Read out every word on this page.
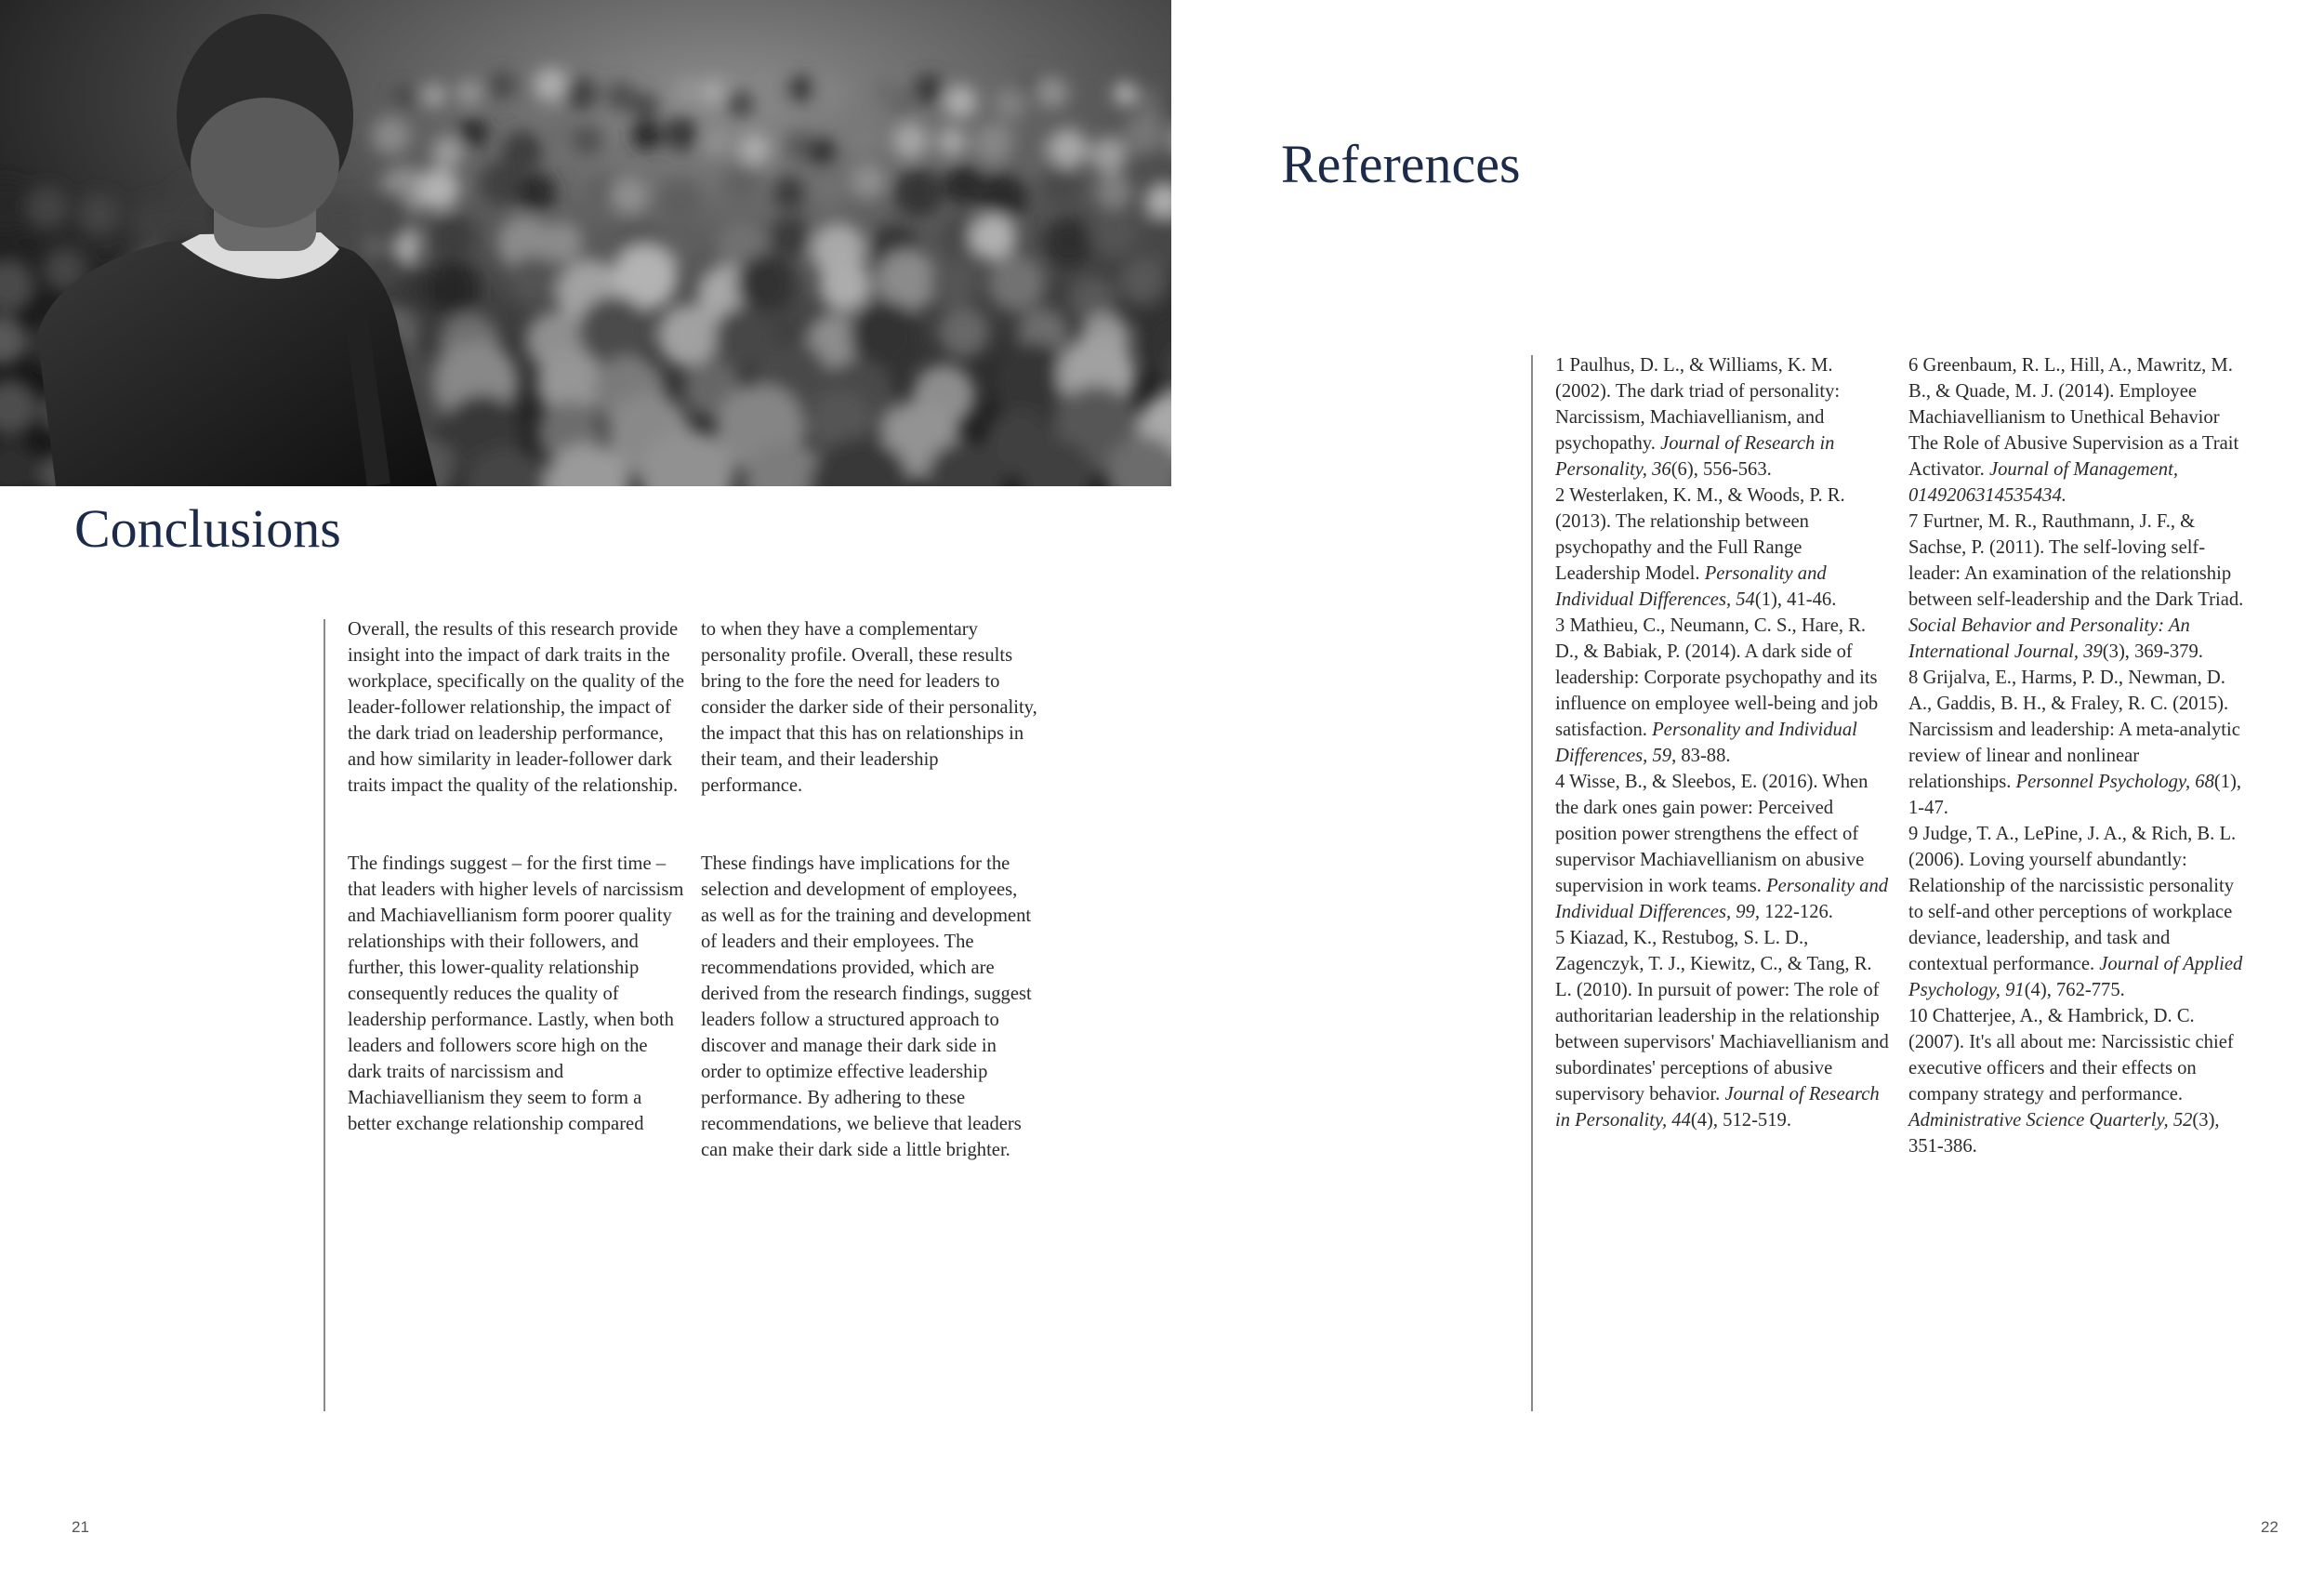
Conclusions
References

Overall, the results of this research provide insight into the impact of dark traits in the workplace, specifically on the quality of the leader-follower relationship, the impact of the dark triad on leadership performance, and how similarity in leader-follower dark traits impact the quality of the relationship.

The findings suggest – for the first time – that leaders with higher levels of narcissism and Machiavellianism form poorer quality relationships with their followers, and further, this lower-quality relationship consequently reduces the quality of leadership performance. Lastly, when both leaders and followers score high on the dark traits of narcissism and Machiavellianism they seem to form a better exchange relationship compared

to when they have a complementary personality profile. Overall, these results bring to the fore the need for leaders to consider the darker side of their personality, the impact that this has on relationships in their team, and their leadership performance.

These findings have implications for the selection and development of employees, as well as for the training and development of leaders and their employees. The recommendations provided, which are derived from the research findings, suggest leaders follow a structured approach to discover and manage their dark side in order to optimize effective leadership performance. By adhering to these recommendations, we believe that leaders can make their dark side a little brighter.

1 Paulhus, D. L., & Williams, K. M. (2002). The dark triad of personality: Narcissism, Machiavellianism, and psychopathy. Journal of Research in Personality, 36(6), 556-563.

2 Westerlaken, K. M., & Woods, P. R. (2013). The relationship between psychopathy and the Full Range Leadership Model. Personality and Individual Differences, 54(1), 41-46.

3 Mathieu, C., Neumann, C. S., Hare, R. D., & Babiak, P. (2014). A dark side of leadership: Corporate psychopathy and its influence on employee well-being and job satisfaction. Personality and Individual Differences, 59, 83-88.

4 Wisse, B., & Sleebos, E. (2016). When the dark ones gain power: Perceived position power strengthens the effect of supervisor Machiavellianism on abusive supervision in work teams. Personality and Individual Differences, 99, 122-126.

5 Kiazad, K., Restubog, S. L. D., Zagenczyk, T. J., Kiewitz, C., & Tang, R. L. (2010). In pursuit of power: The role of authoritarian leadership in the relationship between supervisors' Machiavellianism and subordinates' perceptions of abusive supervisory behavior. Journal of Research in Personality, 44(4), 512-519.

6 Greenbaum, R. L., Hill, A., Mawritz, M. B., & Quade, M. J. (2014). Employee Machiavellianism to Unethical Behavior The Role of Abusive Supervision as a Trait Activator. Journal of Management, 0149206314535434.

7 Furtner, M. R., Rauthmann, J. F., & Sachse, P. (2011). The self-loving self-leader: An examination of the relationship between self-leadership and the Dark Triad. Social Behavior and Personality: An International Journal, 39(3), 369-379.

8 Grijalva, E., Harms, P. D., Newman, D. A., Gaddis, B. H., & Fraley, R. C. (2015). Narcissism and leadership: A meta-analytic review of linear and nonlinear relationships. Personnel Psychology, 68(1), 1-47.

9 Judge, T. A., LePine, J. A., & Rich, B. L. (2006). Loving yourself abundantly: Relationship of the narcissistic personality to self-and other perceptions of workplace deviance, leadership, and task and contextual performance. Journal of Applied Psychology, 91(4), 762-775.

10 Chatterjee, A., & Hambrick, D. C. (2007). It's all about me: Narcissistic chief executive officers and their effects on company strategy and performance. Administrative Science Quarterly, 52(3), 351-386.

21	22
